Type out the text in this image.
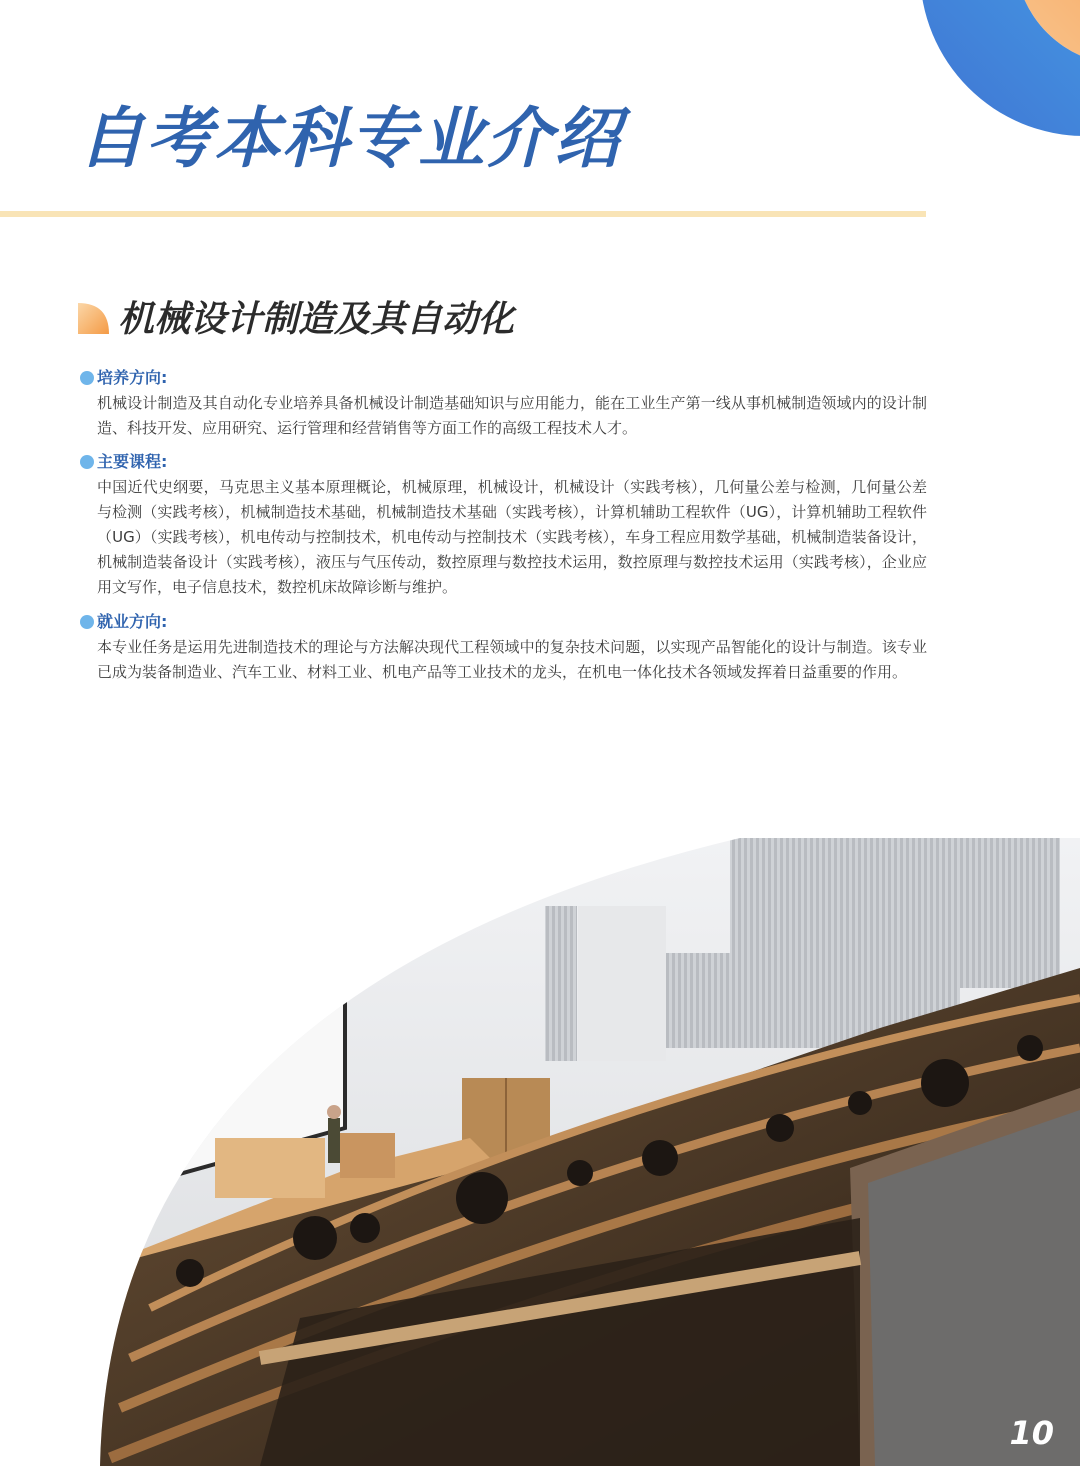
自考本科专业介绍
机械设计制造及其自动化
培养方向:

机械设计制造及其自动化专业培养具备机械设计制造基础知识与应用能力，能在工业生产第一线从事机械制造领域内的设计制造、科技开发、应用研究、运行管理和经营销售等方面工作的高级工程技术人才。

主要课程:

中国近代史纲要，马克思主义基本原理概论，机械原理，机械设计，机械设计（实践考核），几何量公差与检测，几何量公差与检测（实践考核），机械制造技术基础，机械制造技术基础（实践考核），计算机辅助工程软件（UG），计算机辅助工程软件（UG）（实践考核），机电传动与控制技术，机电传动与控制技术（实践考核），车身工程应用数学基础，机械制造装备设计，机械制造装备设计（实践考核），液压与气压传动，数控原理与数控技术运用，数控原理与数控技术运用（实践考核），企业应用文写作，电子信息技术，数控机床故障诊断与维护。

就业方向:

本专业任务是运用先进制造技术的理论与方法解决现代工程领域中的复杂技术问题，以实现产品智能化的设计与制造。该专业已成为装备制造业、汽车工业、材料工业、机电产品等工业技术的龙头，在机电一体化技术各领域发挥着日益重要的作用。

10
